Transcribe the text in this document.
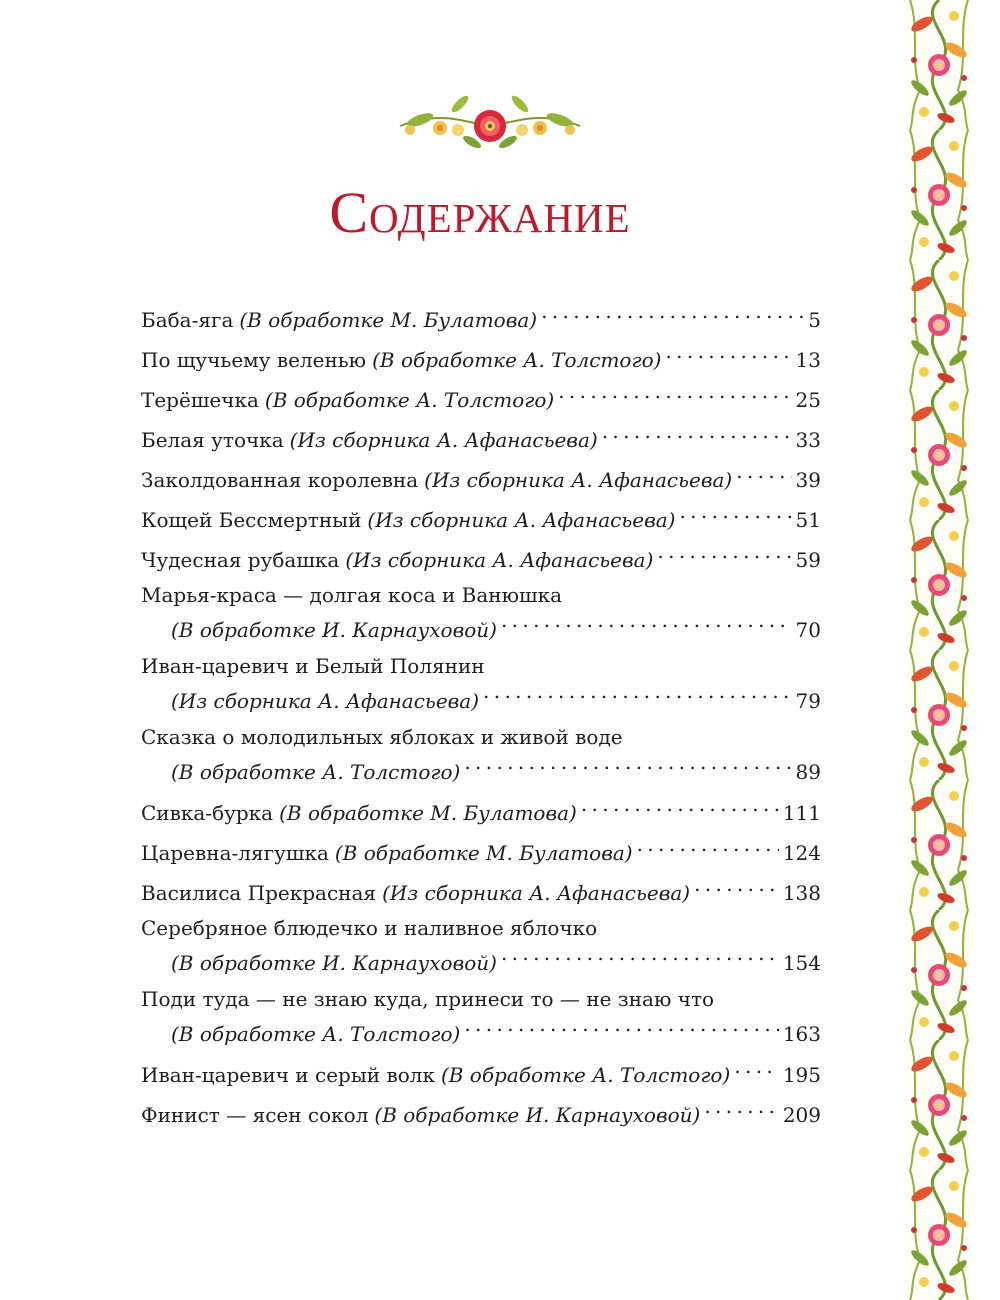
Содержание
Баба-яга (В обработке М. Булатова) . . .	5
По щучьему веленью (В обработке А. Толстого) . . .	13
Терёшечка (В обработке А. Толстого) . . .	25
Белая уточка (Из сборника А. Афанасьева) . . .	33
Заколдованная королевна (Из сборника А. Афанасьева) . . .	39
Кощей Бессмертный (Из сборника А. Афанасьева) . . .	51
Чудесная рубашка (Из сборника А. Афанасьева) . . .	59
Марья-краса — долгая коса и Ванюшка
(В обработке И. Карнауховой) . . .	70
Иван-царевич и Белый Полянин
(Из сборника А. Афанасьева) . . .	79
Сказка о молодильных яблоках и живой воде
(В обработке А. Толстого) . . .	89
Сивка-бурка (В обработке М. Булатова) . . .	111
Царевна-лягушка (В обработке М. Булатова) . . .	124
Василиса Прекрасная (Из сборника А. Афанасьева) . . .	138
Серебряное блюдечко и наливное яблочко
(В обработке И. Карнауховой) . . .	154
Поди туда — не знаю куда, принеси то — не знаю что
(В обработке А. Толстого) . . .	163
Иван-царевич и серый волк (В обработке А. Толстого) . . .	195
Финист — ясен сокол (В обработке И. Карнауховой) . . .	209
